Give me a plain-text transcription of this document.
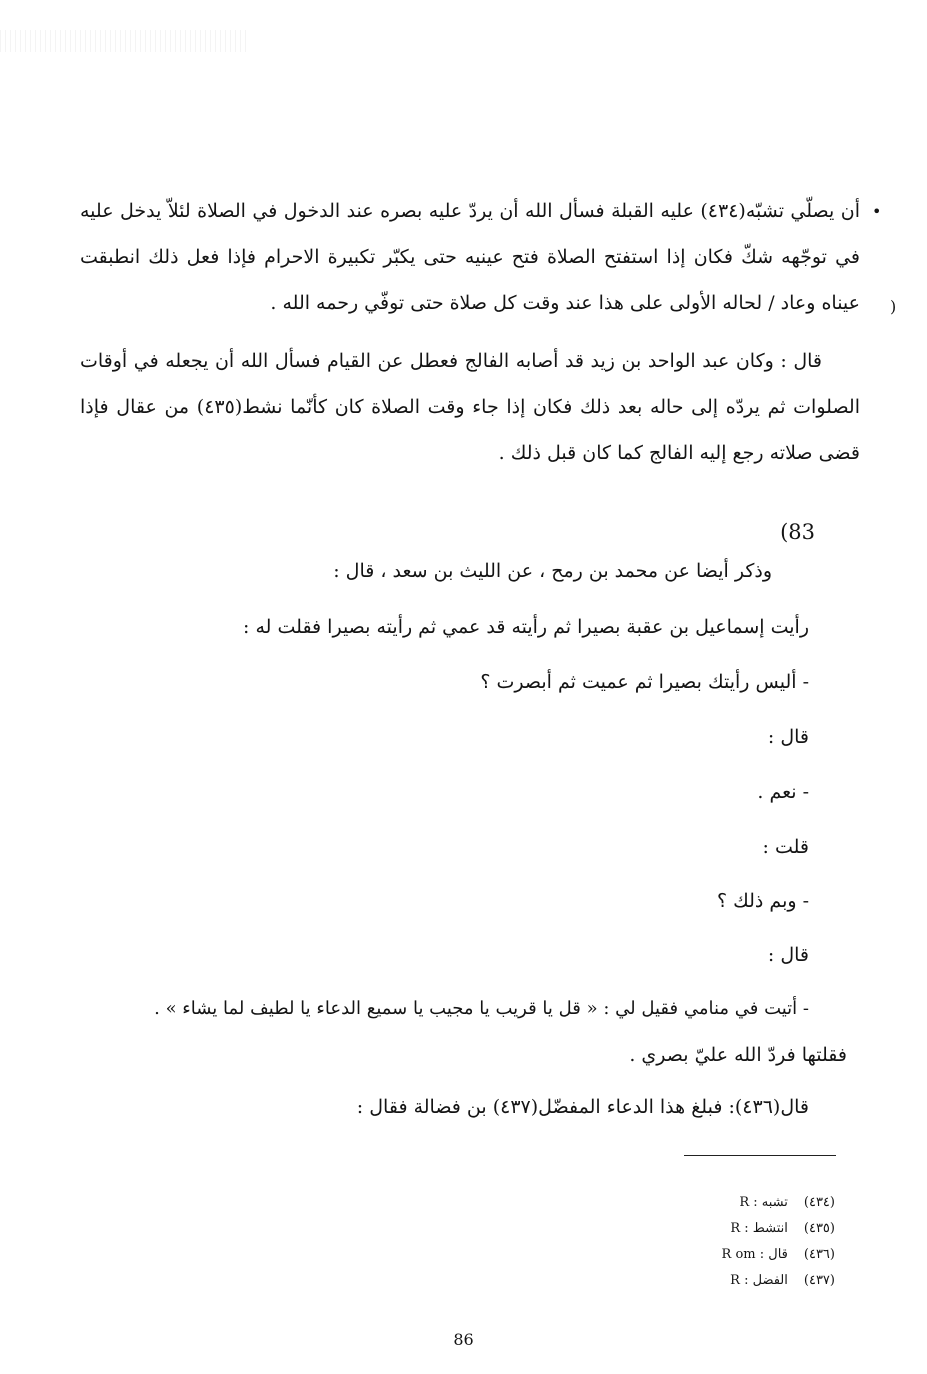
•
)

أن يصلّي تشبّه(٤٣٤) عليه القبلة فسأل الله أن يردّ عليه بصره عند الدخول في الصلاة لئلاّ يدخل عليه في توجّهه شكّ فكان إذا استفتح الصلاة فتح عينيه حتى يكبّر تكبيرة الاحرام فإذا فعل ذلك انطبقت عيناه وعاد / لحاله الأولى على هذا عند وقت كل صلاة حتى توفّي رحمه الله .

قال : وكان عبد الواحد بن زيد قد أصابه الفالج فعطل عن القيام فسأل الله أن يجعله في أوقات الصلوات ثم يردّه إلى حاله بعد ذلك فكان إذا جاء وقت الصلاة كان كأنّما نشط(٤٣٥) من عقال فإذا قضى صلاته رجع إليه الفالج كما كان قبل ذلك .

(83

وذكر أيضا عن محمد بن رمح ، عن الليث بن سعد ، قال :

رأيت إسماعيل بن عقبة بصيرا ثم رأيته قد عمي ثم رأيته بصيرا فقلت له :

- أليس رأيتك بصيرا ثم عميت ثم أبصرت ؟

قال :

- نعم .

قلت :

- وبم ذلك ؟

قال :

- أتيت في منامي فقيل لي : « قل يا قريب يا مجيب يا سميع الدعاء يا لطيف لما يشاء » .

فقلتها فردّ الله عليّ بصري .

قال(٤٣٦): فبلغ هذا الدعاء المفضّل(٤٣٧) بن فضالة فقال :

(٤٣٤)تشبه : R
(٤٣٥)انتشط : R
(٤٣٦)قال : R om
(٤٣٧)الفضل : R
86
